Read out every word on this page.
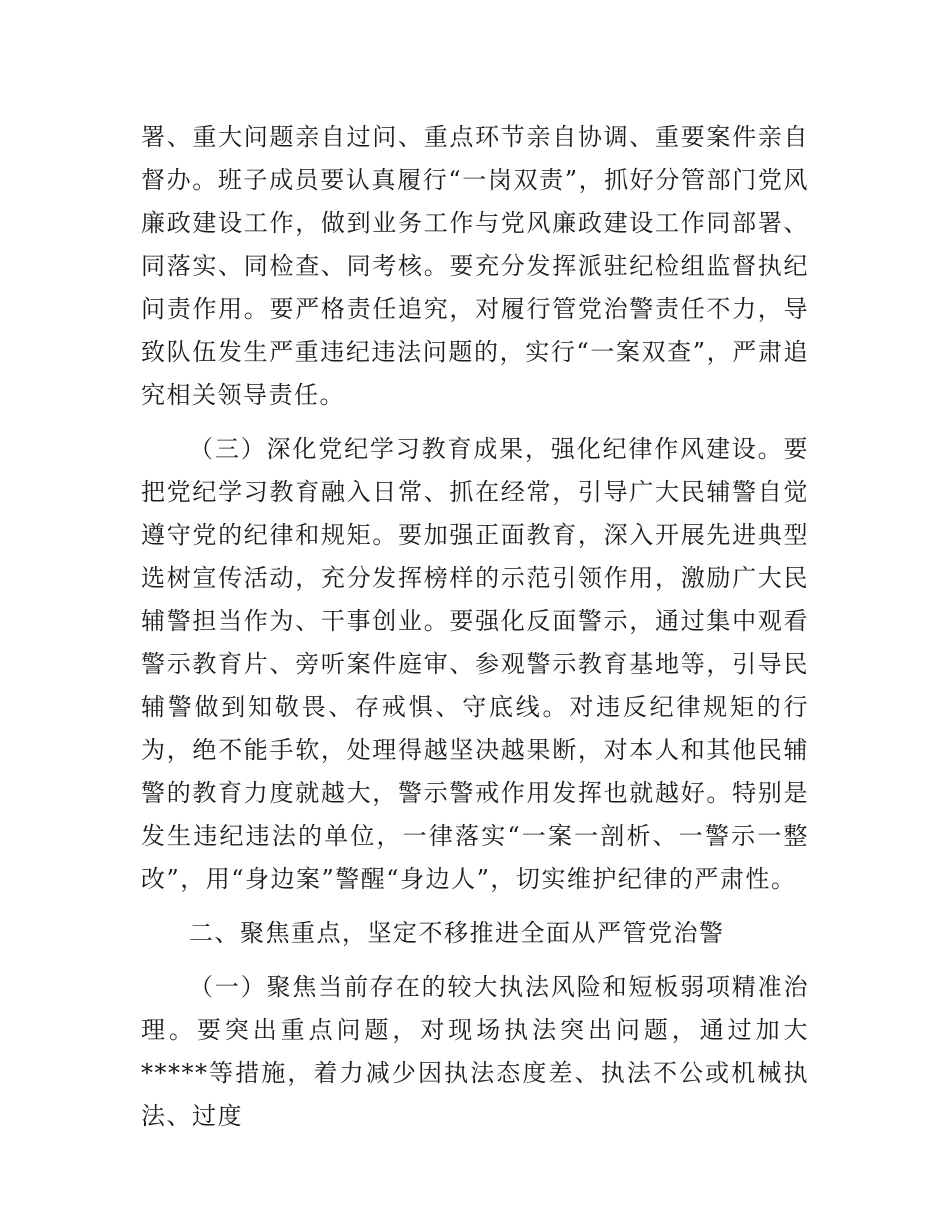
署、重大问题亲自过问、重点环节亲自协调、重要案件亲自督办。班子成员要认真履行“一岗双责”，抓好分管部门党风廉政建设工作，做到业务工作与党风廉政建设工作同部署、同落实、同检查、同考核。要充分发挥派驻纪检组监督执纪问责作用。要严格责任追究，对履行管党治警责任不力，导致队伍发生严重违纪违法问题的，实行“一案双查”，严肃追究相关领导责任。

（三）深化党纪学习教育成果，强化纪律作风建设。要把党纪学习教育融入日常、抓在经常，引导广大民辅警自觉遵守党的纪律和规矩。要加强正面教育，深入开展先进典型选树宣传活动，充分发挥榜样的示范引领作用，激励广大民辅警担当作为、干事创业。要强化反面警示，通过集中观看警示教育片、旁听案件庭审、参观警示教育基地等，引导民辅警做到知敬畏、存戒惧、守底线。对违反纪律规矩的行为，绝不能手软，处理得越坚决越果断，对本人和其他民辅警的教育力度就越大，警示警戒作用发挥也就越好。特别是发生违纪违法的单位，一律落实“一案一剖析、一警示一整改”，用“身边案”警醒“身边人”，切实维护纪律的严肃性。

二、聚焦重点，坚定不移推进全面从严管党治警

（一）聚焦当前存在的较大执法风险和短板弱项精准治理。要突出重点问题，对现场执法突出问题，通过加大*****等措施，着力减少因执法态度差、执法不公或机械执法、过度
